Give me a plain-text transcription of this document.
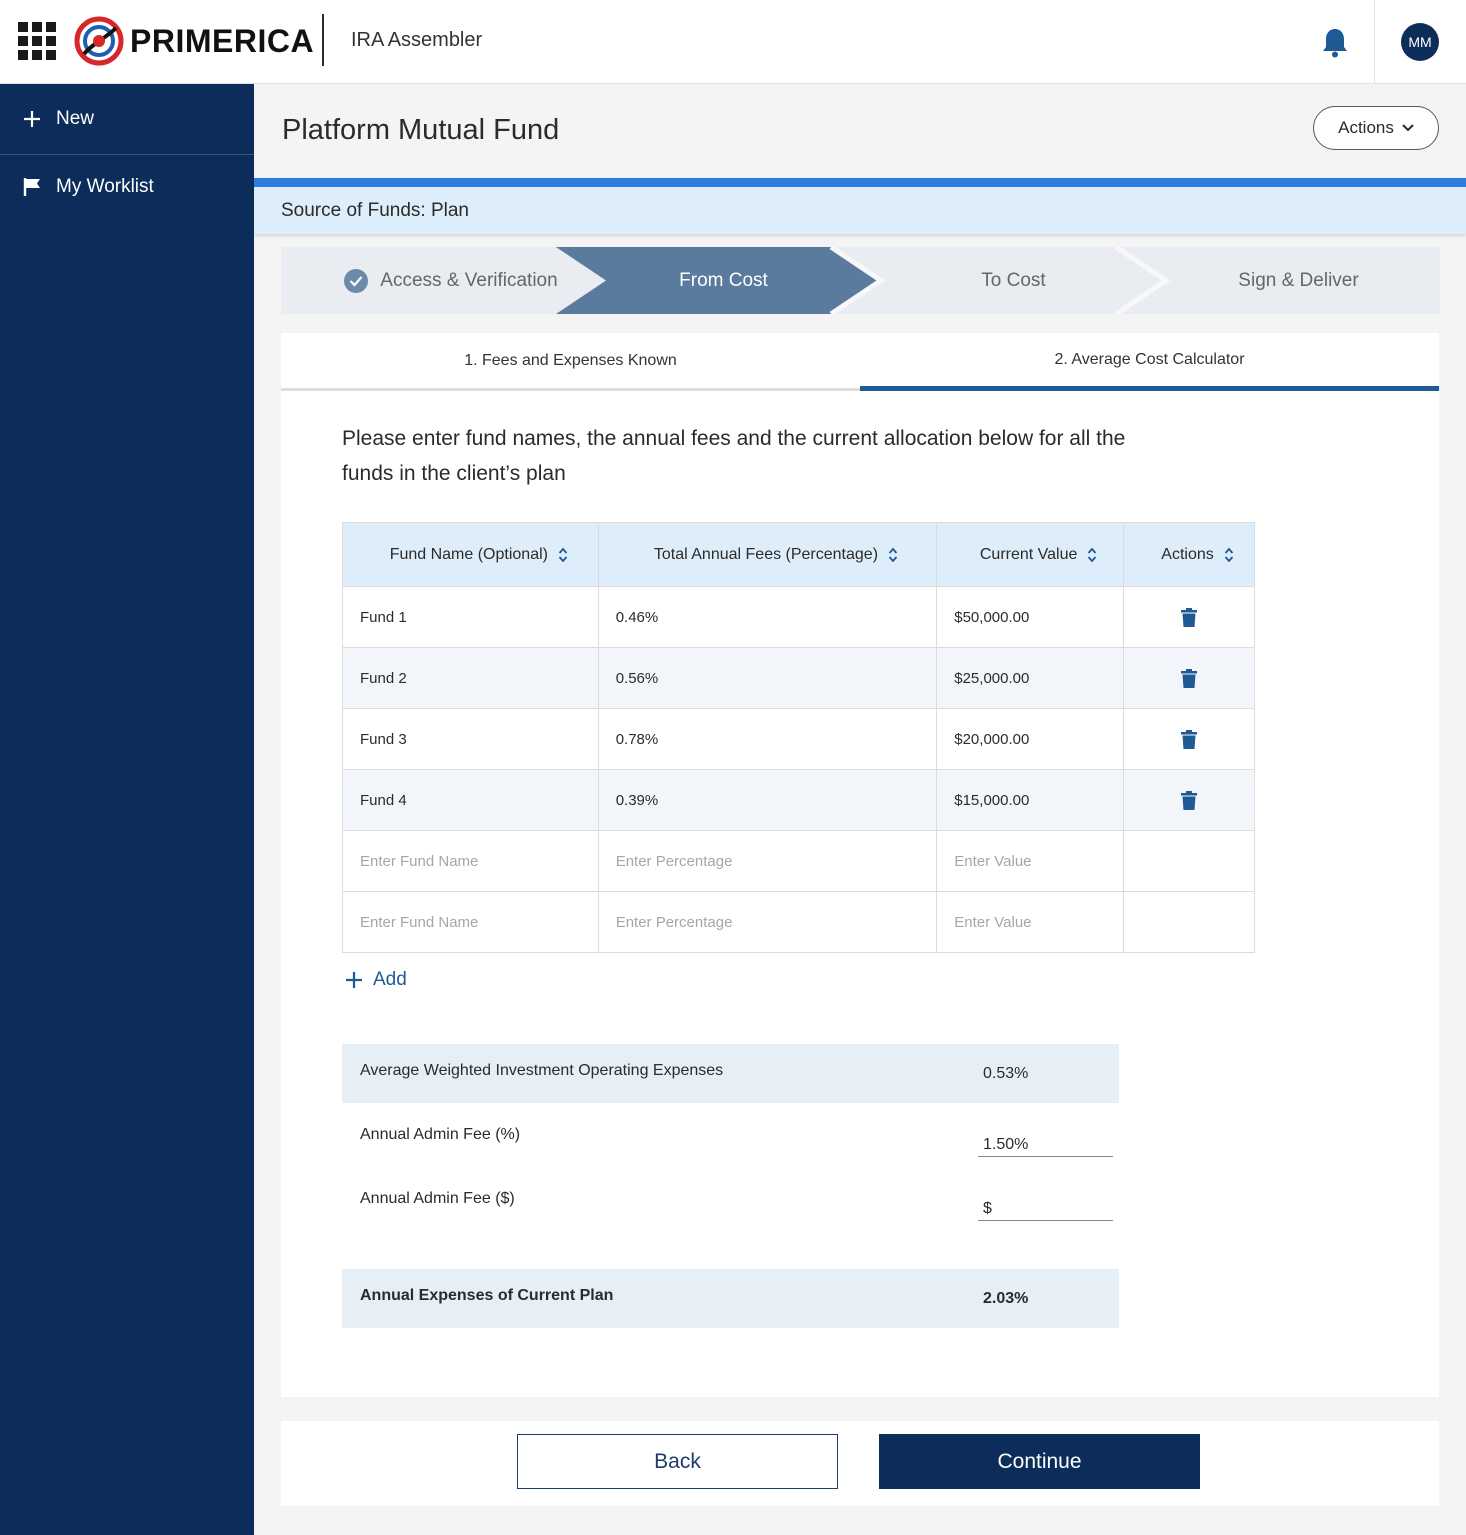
PRIMERICA IRA Assembler	MM
New
My Worklist
Platform Mutual Fund	Actions
Source of Funds: Plan
Access & Verification	From Cost	To Cost	Sign & Deliver
1. Fees and Expenses Known	2. Average Cost Calculator
Please enter fund names, the annual fees and the current allocation below for all the funds in the client’s plan
Fund Name (Optional)	Total Annual Fees (Percentage)	Current Value	Actions

Fund 1	0.46%	$50,000.00	
Fund 2	0.56%	$25,000.00	
Fund 3	0.78%	$20,000.00	
Fund 4	0.39%	$15,000.00	
Enter Fund Name	Enter Percentage	Enter Value	
Enter Fund Name	Enter Percentage	Enter Value	
Add
Average Weighted Investment Operating Expenses	0.53%
Annual Admin Fee (%)
1.50%
Annual Admin Fee ($)
$
Annual Expenses of Current Plan	2.03%
Back	Continue
